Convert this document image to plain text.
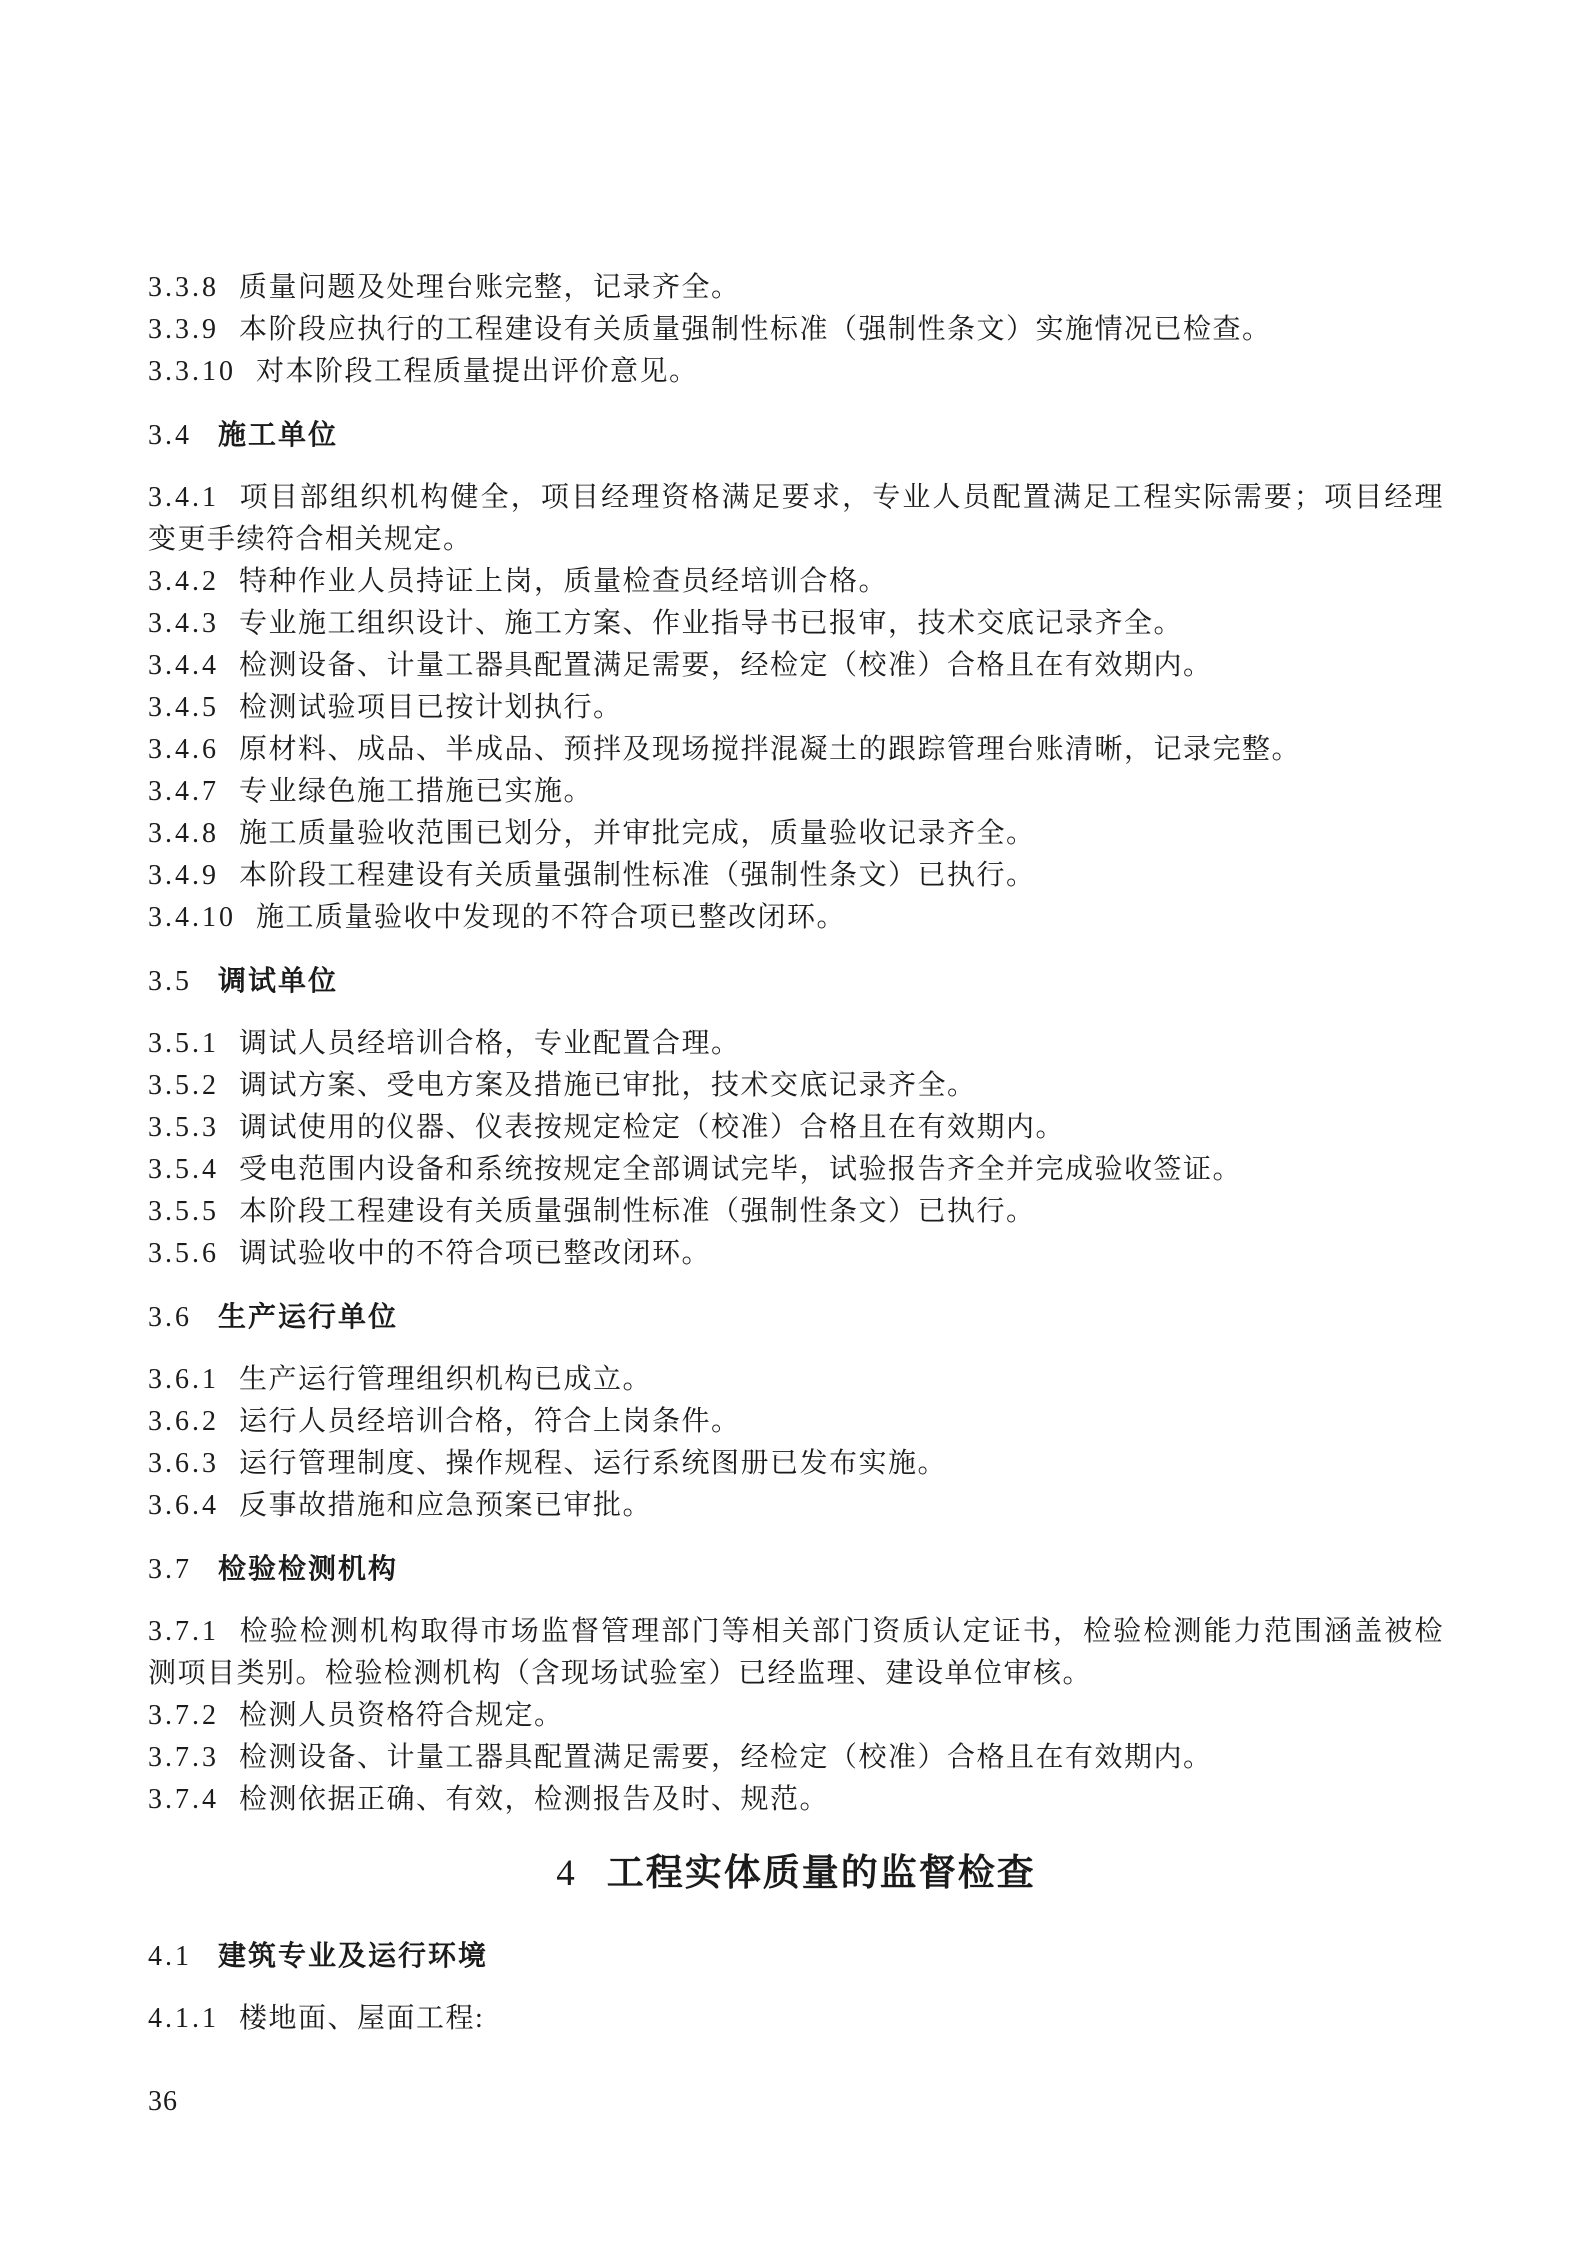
3.3.8 质量问题及处理台账完整，记录齐全。

3.3.9 本阶段应执行的工程建设有关质量强制性标准（强制性条文）实施情况已检查。

3.3.10 对本阶段工程质量提出评价意见。

3.4 施工单位

3.4.1 项目部组织机构健全，项目经理资格满足要求，专业人员配置满足工程实际需要；项目经理变更手续符合相关规定。

3.4.2 特种作业人员持证上岗，质量检查员经培训合格。

3.4.3 专业施工组织设计、施工方案、作业指导书已报审，技术交底记录齐全。

3.4.4 检测设备、计量工器具配置满足需要，经检定（校准）合格且在有效期内。

3.4.5 检测试验项目已按计划执行。

3.4.6 原材料、成品、半成品、预拌及现场搅拌混凝土的跟踪管理台账清晰，记录完整。

3.4.7 专业绿色施工措施已实施。

3.4.8 施工质量验收范围已划分，并审批完成，质量验收记录齐全。

3.4.9 本阶段工程建设有关质量强制性标准（强制性条文）已执行。

3.4.10 施工质量验收中发现的不符合项已整改闭环。

3.5 调试单位

3.5.1 调试人员经培训合格，专业配置合理。

3.5.2 调试方案、受电方案及措施已审批，技术交底记录齐全。

3.5.3 调试使用的仪器、仪表按规定检定（校准）合格且在有效期内。

3.5.4 受电范围内设备和系统按规定全部调试完毕，试验报告齐全并完成验收签证。

3.5.5 本阶段工程建设有关质量强制性标准（强制性条文）已执行。

3.5.6 调试验收中的不符合项已整改闭环。

3.6 生产运行单位

3.6.1 生产运行管理组织机构已成立。

3.6.2 运行人员经培训合格，符合上岗条件。

3.6.3 运行管理制度、操作规程、运行系统图册已发布实施。

3.6.4 反事故措施和应急预案已审批。

3.7 检验检测机构

3.7.1 检验检测机构取得市场监督管理部门等相关部门资质认定证书，检验检测能力范围涵盖被检测项目类别。检验检测机构（含现场试验室）已经监理、建设单位审核。

3.7.2 检测人员资格符合规定。

3.7.3 检测设备、计量工器具配置满足需要，经检定（校准）合格且在有效期内。

3.7.4 检测依据正确、有效，检测报告及时、规范。

4 工程实体质量的监督检查
4.1 建筑专业及运行环境

4.1.1 楼地面、屋面工程:

36
